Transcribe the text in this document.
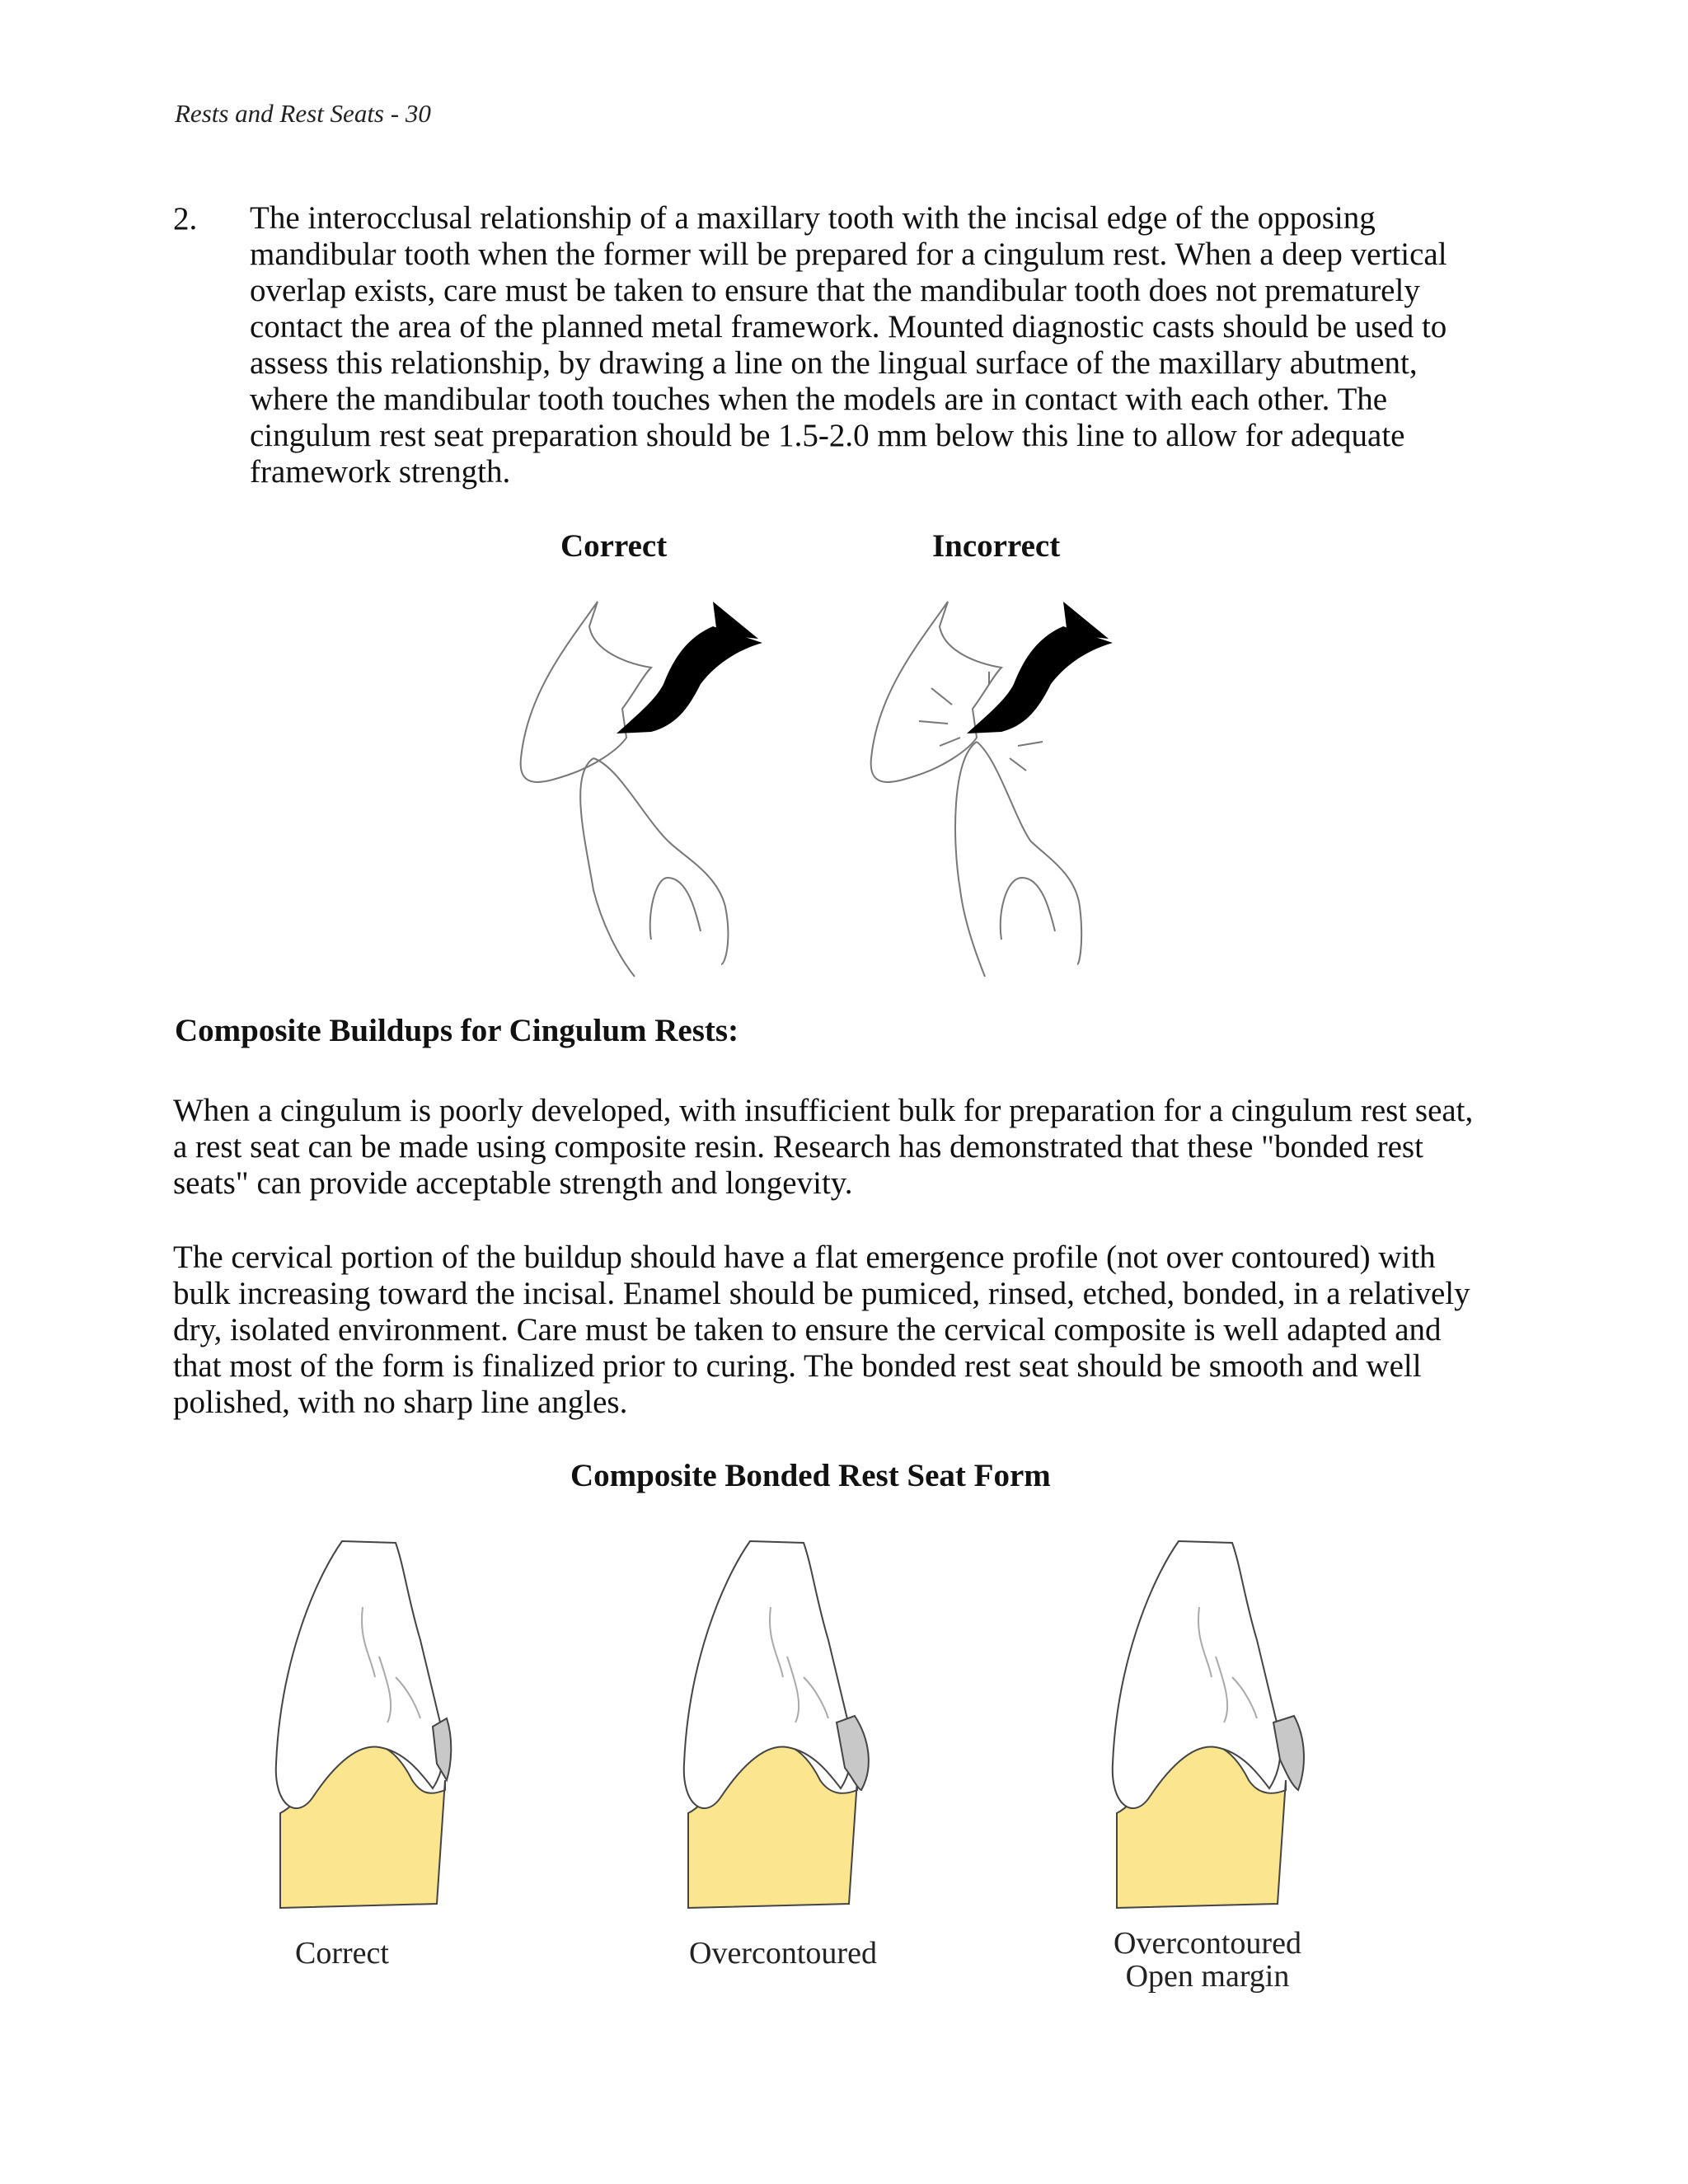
Rests and Rest Seats - 30
2. The interocclusal relationship of a maxillary tooth with the incisal edge of the opposing mandibular tooth when the former will be prepared for a cingulum rest. When a deep vertical overlap exists, care must be taken to ensure that the mandibular tooth does not prematurely contact the area of the planned metal framework. Mounted diagnostic casts should be used to assess this relationship, by drawing a line on the lingual surface of the maxillary abutment, where the mandibular tooth touches when the models are in contact with each other. The cingulum rest seat preparation should be 1.5-2.0 mm below this line to allow for adequate framework strength.
Correct	Incorrect
Composite Buildups for Cingulum Rests:
When a cingulum is poorly developed, with insufficient bulk for preparation for a cingulum rest seat, a rest seat can be made using composite resin. Research has demonstrated that these "bonded rest seats" can provide acceptable strength and longevity.
The cervical portion of the buildup should have a flat emergence profile (not over contoured) with bulk increasing toward the incisal. Enamel should be pumiced, rinsed, etched, bonded, in a relatively dry, isolated environment. Care must be taken to ensure the cervical composite is well adapted and that most of the form is finalized prior to curing. The bonded rest seat should be smooth and well polished, with no sharp line angles.
Composite Bonded Rest Seat Form
Correct	Overcontoured	Overcontoured
Open margin
